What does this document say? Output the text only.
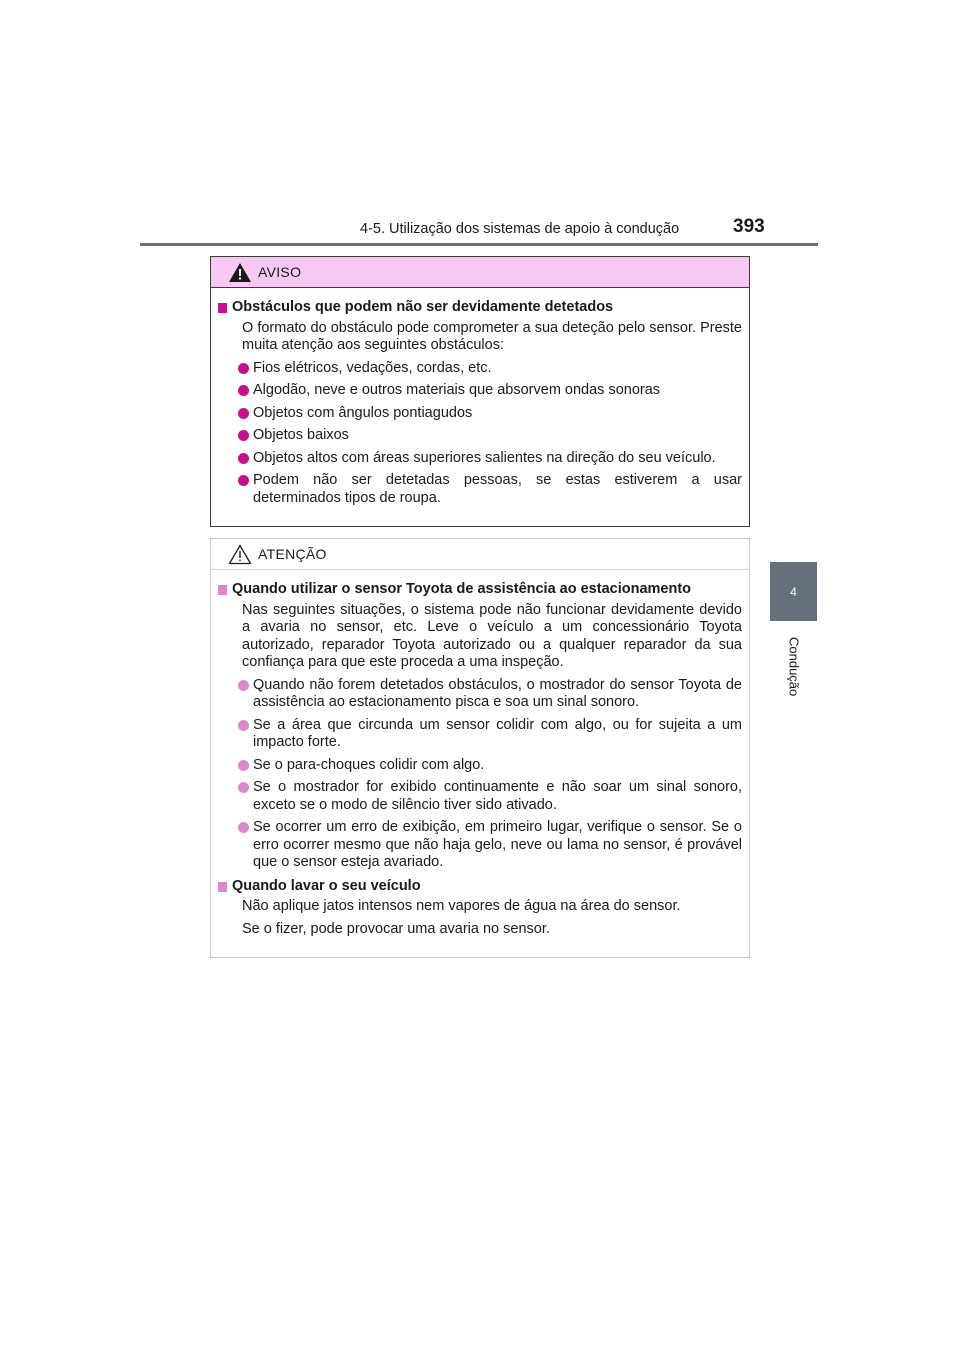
4-5. Utilização dos sistemas de apoio à condução	393
4
Condução
AVISO
Obstáculos que podem não ser devidamente detetados
O formato do obstáculo pode comprometer a sua deteção pelo sensor. Preste muita atenção aos seguintes obstáculos:
Fios elétricos, vedações, cordas, etc.
Algodão, neve e outros materiais que absorvem ondas sonoras
Objetos com ângulos pontiagudos
Objetos baixos
Objetos altos com áreas superiores salientes na direção do seu veículo.
Podem não ser detetadas pessoas, se estas estiverem a usar determinados tipos de roupa.
ATENÇÃO
Quando utilizar o sensor Toyota de assistência ao estacionamento
Nas seguintes situações, o sistema pode não funcionar devidamente devido a avaria no sensor, etc. Leve o veículo a um concessionário Toyota autorizado, reparador Toyota autorizado ou a qualquer reparador da sua confiança para que este proceda a uma inspeção.
Quando não forem detetados obstáculos, o mostrador do sensor Toyota de assistência ao estacionamento pisca e soa um sinal sonoro.
Se a área que circunda um sensor colidir com algo, ou for sujeita a um impacto forte.
Se o para-choques colidir com algo.
Se o mostrador for exibido continuamente e não soar um sinal sonoro, exceto se o modo de silêncio tiver sido ativado.
Se ocorrer um erro de exibição, em primeiro lugar, verifique o sensor. Se o erro ocorrer mesmo que não haja gelo, neve ou lama no sensor, é provável que o sensor esteja avariado.
Quando lavar o seu veículo
Não aplique jatos intensos nem vapores de água na área do sensor.
Se o fizer, pode provocar uma avaria no sensor.
